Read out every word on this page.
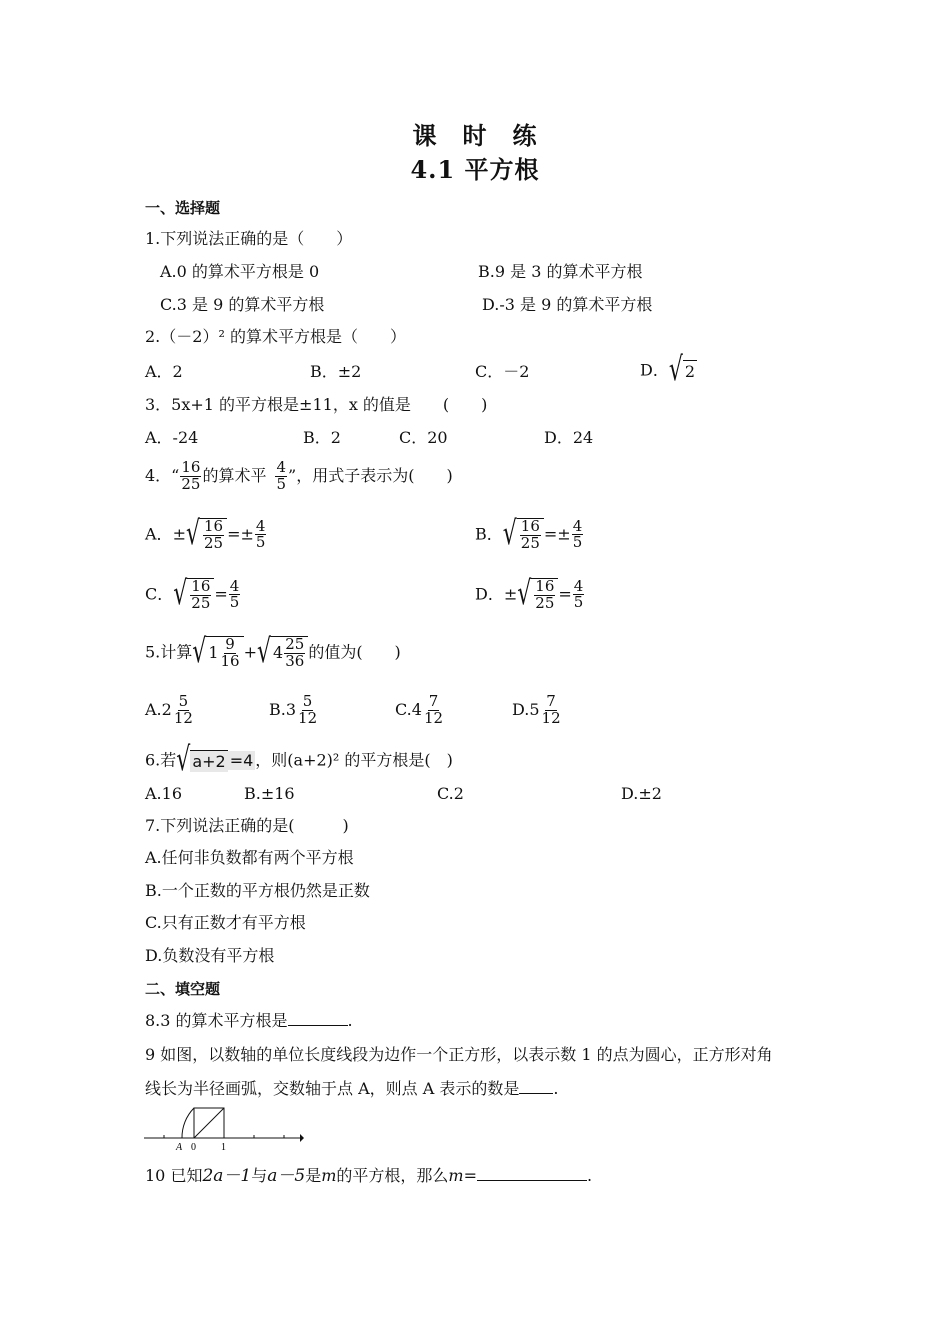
课　时　练
4.1 平方根
一、选择题
1.下列说法正确的是（　　）
A.0 的算术平方根是 0	B.9 是 3 的算术平方根
C.3 是 9 的算术平方根	D.-3 是 9 的算术平方根
2.（－2）² 的算术平方根是（　　）
A．2	B．±2	C．－2	D． √ 2
3．5x+1 的平方根是±11，x 的值是　　(　　)
A．-24	B．2	C．20	D．24
4．“ $\frac{16}{25}$ 的算术平 $\frac{4}{5}$ ”，用式子表示为(　　)
A．± √ $\frac{16}{25} =\pm \frac{4}{5}$	B． √ $\frac{16}{25} =\pm \frac{4}{5}$
C． √ $\frac{16}{25} = \frac{4}{5}$	D．± √ $\frac{16}{25} = \frac{4}{5}$
5.计算 √ $1 \frac{9}{16}$ + √ $4 \frac{25}{36}$ 的值为(　　)
$A.2 \frac{5}{12}$	$B.3 \frac{5}{12}$	$C.4 \frac{7}{12}$	$D.5 \frac{7}{12}$
6.若 √ a+2 =4 ，则(a+2)² 的平方根是(　)
A.16	B.±16	C.2	D.±2
7.下列说法正确的是(　　　)
A.任何非负数都有两个平方根
B.一个正数的平方根仍然是正数
C.只有正数才有平方根
D.负数没有平方根
二、填空题
8.3 的算术平方根是	.
9 如图，以数轴的单位长度线段为边作一个正方形，以表示数 1 的点为圆心，正方形对角
线长为半径画弧，交数轴于点 A，则点 A 表示的数是 .
A 0	1
10 已知2a－1与a－5是m的平方根，那么m=	.
